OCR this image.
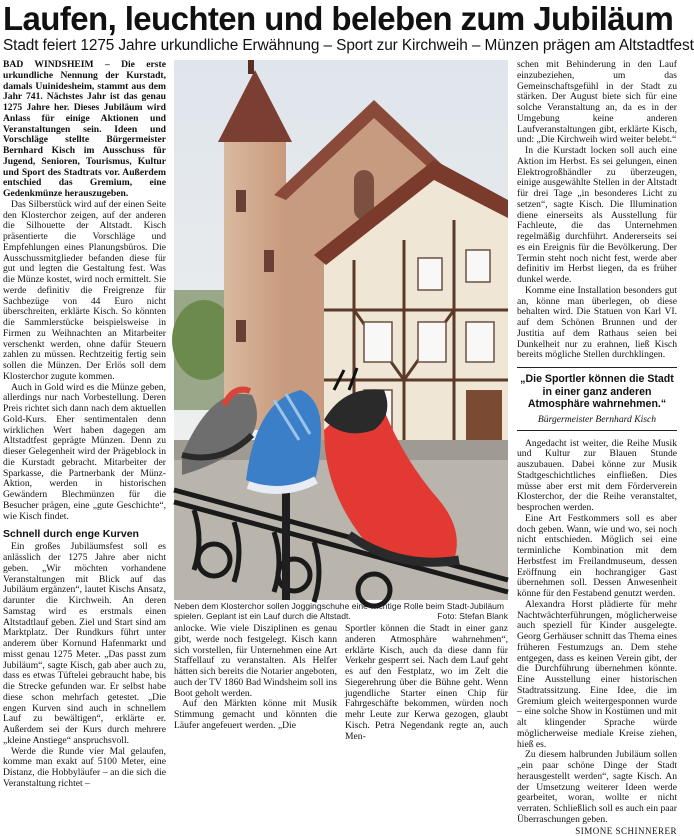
Laufen, leuchten und beleben zum Jubiläum
Stadt feiert 1275 Jahre urkundliche Erwähnung – Sport zur Kirchweih – Münzen prägen am Altstadtfest

BAD WINDSHEIM – Die erste urkundliche Nennung der Kurstadt, damals Uuinidesheim, stammt aus dem Jahr 741. Nächstes Jahr ist das genau 1275 Jahre her. Dieses Jubiläum wird Anlass für einige Aktionen und Veranstaltungen sein. Ideen und Vorschläge stellte Bürgermeister Bernhard Kisch im Ausschuss für Jugend, Senioren, Tourismus, Kultur und Sport des Stadtrats vor. Außerdem entschied das Gremium, eine Gedenkmünze herauszugeben.

Das Silberstück wird auf der einen Seite den Klosterchor zeigen, auf der anderen die Silhouette der Altstadt. Kisch präsentierte die Vorschläge und Empfehlungen eines Planungsbüros. Die Ausschussmitglieder befanden diese für gut und legten die Gestaltung fest. Was die Münze kostet, wird noch ermittelt. Sie werde definitiv die Freigrenze für Sachbezüge von 44 Euro nicht überschreiten, erklärte Kisch. So könnten die Sammlerstücke beispielsweise in Firmen zu Weihnachten an Mitarbeiter verschenkt werden, ohne dafür Steuern zahlen zu müssen. Rechtzeitig fertig sein sollen die Münzen. Der Erlös soll dem Klosterchor zugute kommen.

Auch in Gold wird es die Münze geben, allerdings nur nach Vorbestellung. Deren Preis richtet sich dann nach dem aktuellen Gold-Kurs. Eher sentimentalen denn wirklichen Wert haben dagegen am Altstadtfest geprägte Münzen. Denn zu dieser Gelegenheit wird der Prägeblock in die Kurstadt gebracht. Mitarbeiter der Sparkasse, die Partnerbank der Münz-Aktion, werden in historischen Gewändern Blechmünzen für die Besucher prägen, eine „gute Geschichte“, wie Kisch findet.

Schnell durch enge Kurven

Ein großes Jubiläumsfest soll es anlässlich der 1275 Jahre aber nicht geben. „Wir möchten vorhandene Veranstaltungen mit Blick auf das Jubiläum ergänzen“, lautet Kischs Ansatz, darunter die Kirchweih. An deren Samstag wird es erstmals einen Altstadtlauf geben. Ziel und Start sind am Marktplatz. Der Rundkurs führt unter anderem über Kornund Hafenmarkt und misst genau 1275 Meter. „Das passt zum Jubiläum“, sagte Kisch, gab aber auch zu, dass es etwas Tüftelei gebraucht habe, bis die Strecke gefunden war. Er selbst habe diese schon mehrfach getestet. „Die engen Kurven sind auch in schnellem Lauf zu bewältigen“, erklärte er. Außerdem sei der Kurs durch mehrere „kleine Anstiege“ anspruchsvoll.

Werde die Runde vier Mal gelaufen, komme man exakt auf 5100 Meter, eine Distanz, die Hobbyläufer – an die sich die Veranstaltung richtet –

Neben dem Klosterchor sollen Joggingschuhe eine wichtige Rolle beim Stadt-Jubiläum spielen. Geplant ist ein Lauf durch die Altstadt.	Foto: Stefan Blank

anlocke. Wie viele Disziplinen es genau gibt, werde noch festgelegt. Kisch kann sich vorstellen, für Unternehmen eine Art Staffellauf zu veranstalten. Als Helfer hätten sich bereits die Notarier angeboten, auch der TV 1860 Bad Windsheim soll ins Boot geholt werden.

Auf den Märkten könne mit Musik Stimmung gemacht und könnten die Läufer angefeuert werden. „Die

Sportler können die Stadt in einer ganz anderen Atmosphäre wahrnehmen“, erklärte Kisch, auch da diese dann für Verkehr gesperrt sei. Nach dem Lauf geht es auf den Festplatz, wo im Zelt die Siegerehrung über die Bühne geht. Wenn jugendliche Starter einen Chip für Fahrgeschäfte bekommen, würden noch mehr Leute zur Kerwa gezogen, glaubt Kisch. Petra Negendank regte an, auch Men-

schen mit Behinderung in den Lauf einzubeziehen, um das Gemeinschaftsgefühl in der Stadt zu stärken. Der August biete sich für eine solche Veranstaltung an, da es in der Umgebung keine anderen Laufveranstaltungen gibt, erklärte Kisch, und: „Die Kirchweih wird weiter belebt.“

In die Kurstadt locken soll auch eine Aktion im Herbst. Es sei gelungen, einen Elektrogroßhändler zu überzeugen, einige ausgewählte Stellen in der Altstadt für drei Tage „in besonderes Licht zu setzen“, sagte Kisch. Die Illumination diene einerseits als Ausstellung für Fachleute, die das Unternehmen regelmäßig durchführt. Andererseits sei es ein Ereignis für die Bevölkerung. Der Termin steht noch nicht fest, werde aber definitiv im Herbst liegen, da es früher dunkel werde.

Komme eine Installation besonders gut an, könne man überlegen, ob diese behalten wird. Die Statuen von Karl VI. auf dem Schönen Brunnen und der Justitia auf dem Rathaus seien bei Dunkelheit nur zu erahnen, ließ Kisch bereits mögliche Stellen durchklingen.

„Die Sportler können die Stadt in einer ganz anderen Atmosphäre wahrnehmen.“
Bürgermeister Bernhard Kisch

Angedacht ist weiter, die Reihe Musik und Kultur zur Blauen Stunde auszubauen. Dabei könne zur Musik Stadtgeschichtliches einfließen. Dies müsse aber erst mit dem Förderverein Klosterchor, der die Reihe veranstaltet, besprochen werden.

Eine Art Festkommers soll es aber doch geben. Wann, wie und wo, sei noch nicht entschieden. Möglich sei eine terminliche Kombination mit dem Herbstfest im Freilandmuseum, dessen Eröffnung ein hochrangiger Gast übernehmen soll. Dessen Anwesenheit könne für den Festabend genutzt werden.

Alexandra Horst plädierte für mehr Nachtwächterführungen, möglicherweise auch speziell für Kinder ausgelegte. Georg Gerhäuser schnitt das Thema eines früheren Festumzugs an. Dem stehe entgegen, dass es keinen Verein gibt, der die Durchführung übernehmen könnte. Eine Ausstellung einer historischen Stadtratssitzung. Eine Idee, die im Gremium gleich weitergesponnen wurde – eine solche Show in Kostümen und mit alt klingender Sprache würde möglicherweise mediale Kreise ziehen, hieß es.

Zu diesem halbrunden Jubiläum sollen „ein paar schöne Dinge der Stadt herausgestellt werden“, sagte Kisch. An der Umsetzung weiterer Ideen werde gearbeitet, woran, wollte er nicht verraten. Schließlich soll es auch ein paar Überraschungen geben.

SIMONE SCHINNERER
